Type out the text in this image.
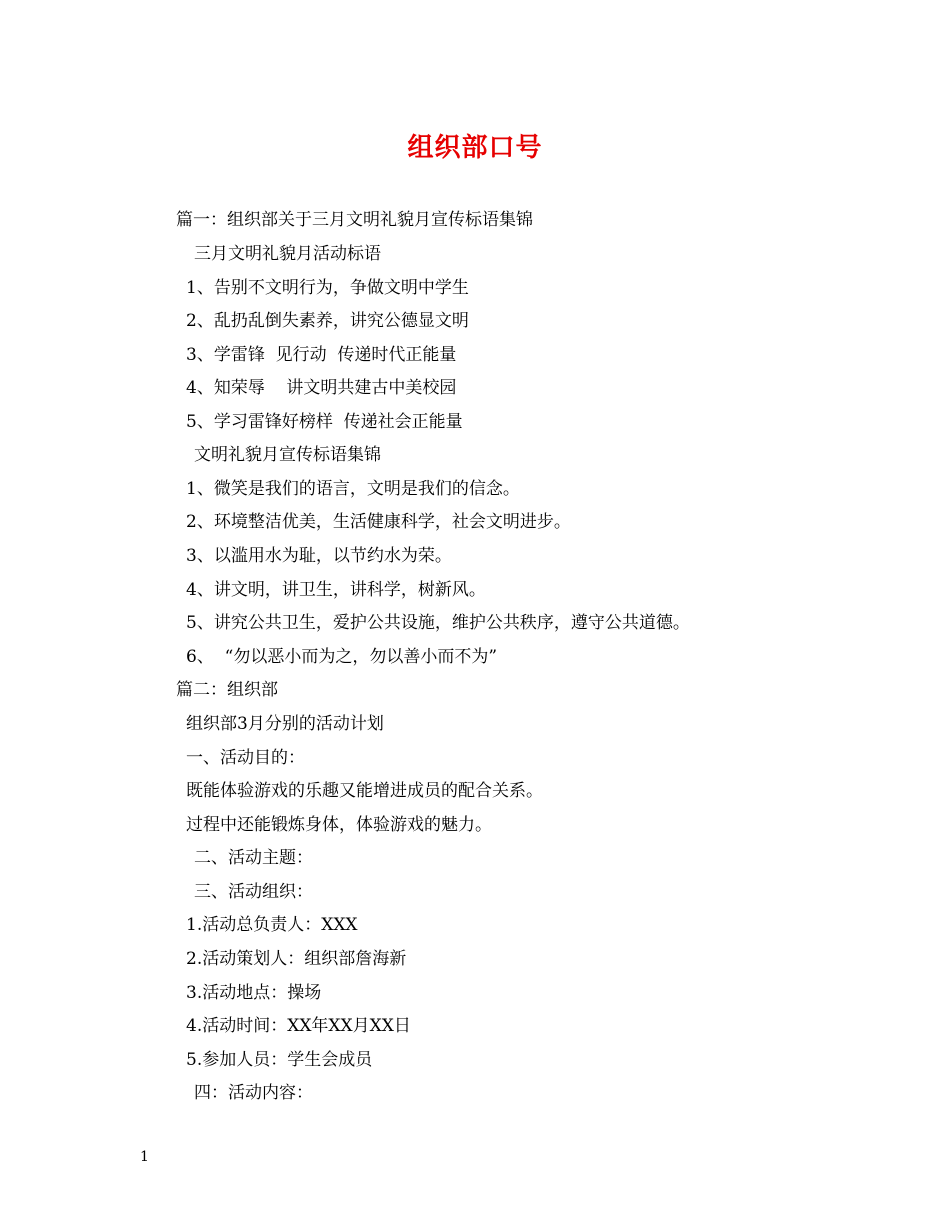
组织部口号
篇一：组织部关于三月文明礼貌月宣传标语集锦
三月文明礼貌月活动标语
1、告别不文明行为，争做文明中学生
2、乱扔乱倒失素养，讲究公德显文明
3、学雷锋  见行动  传递时代正能量
4、知荣辱    讲文明共建古中美校园
5、学习雷锋好榜样  传递社会正能量
文明礼貌月宣传标语集锦
1、微笑是我们的语言，文明是我们的信念。
2、环境整洁优美，生活健康科学，社会文明进步。
3、以滥用水为耻，以节约水为荣。
4、讲文明，讲卫生，讲科学，树新风。
5、讲究公共卫生，爱护公共设施，维护公共秩序，遵守公共道德。
6、  “勿以恶小而为之，勿以善小而不为”
篇二：组织部
组织部3月分别的活动计划
一、活动目的：
既能体验游戏的乐趣又能增进成员的配合关系。
过程中还能锻炼身体，体验游戏的魅力。
二、活动主题：
三、活动组织：
1.活动总负责人：XXX
2.活动策划人：组织部詹海新
3.活动地点：操场
4.活动时间：XX年XX月XX日
5.参加人员：学生会成员
四：活动内容：
1
